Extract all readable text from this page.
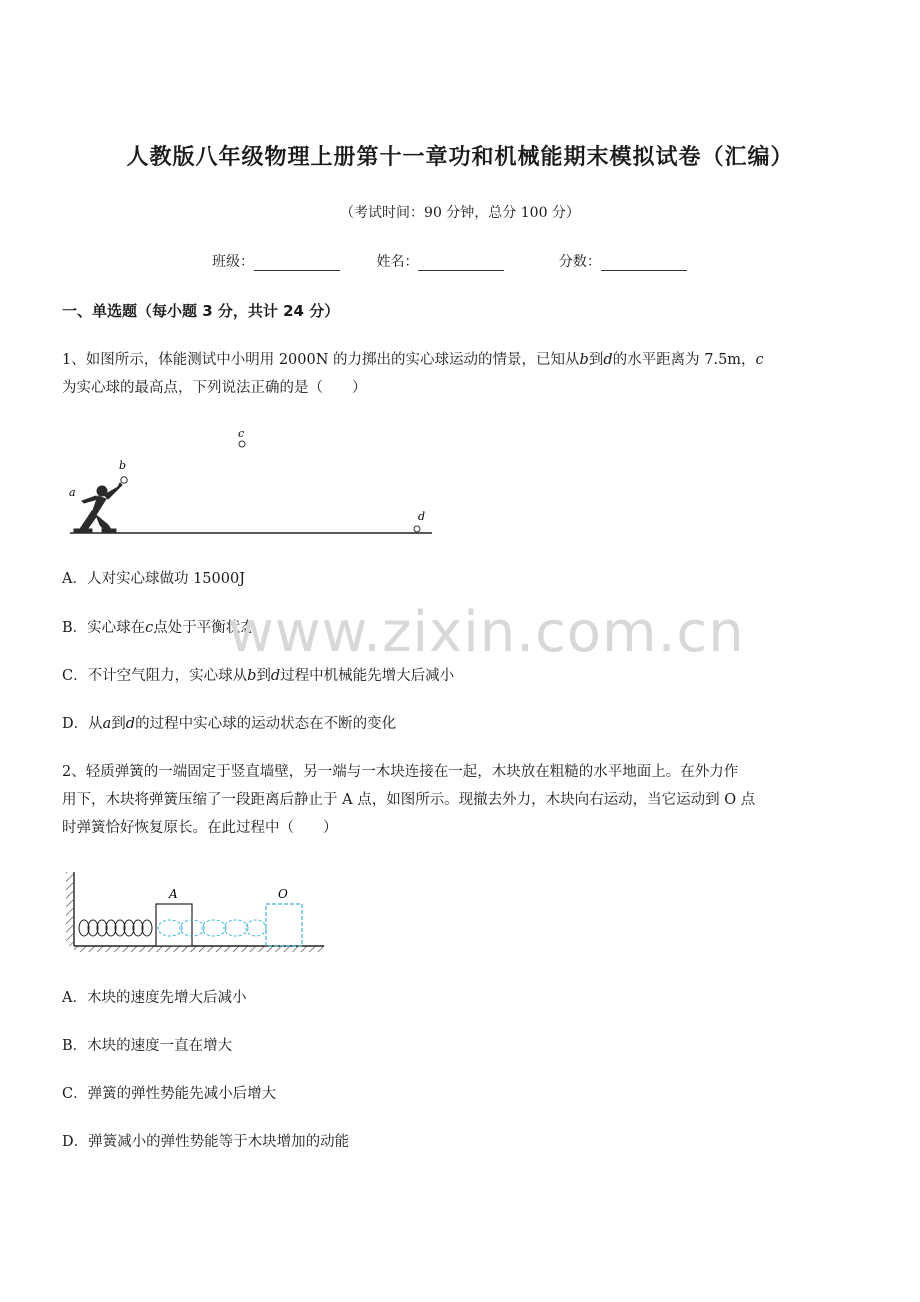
人教版八年级物理上册第十一章功和机械能期末模拟试卷（汇编）
（考试时间：90 分钟，总分 100 分）
班级：	姓名：	分数：
一、单选题（每小题 3 分，共计 24 分）
1、如图所示，体能测试中小明用 2000N 的力掷出的实心球运动的情景，已知从b到d的水平距离为 7.5m，c
为实心球的最高点，下列说法正确的是（　　）
a
b
c
d
A．人对实心球做功 15000J
B．实心球在c点处于平衡状态
C．不计空气阻力，实心球从b到d过程中机械能先增大后减小
D．从a到d的过程中实心球的运动状态在不断的变化
2、轻质弹簧的一端固定于竖直墙壁，另一端与一木块连接在一起，木块放在粗糙的水平地面上。在外力作
用下，木块将弹簧压缩了一段距离后静止于 A 点，如图所示。现撤去外力，木块向右运动，当它运动到 O 点
时弹簧恰好恢复原长。在此过程中（　　）
A	O
A．木块的速度先增大后减小
B．木块的速度一直在增大
C．弹簧的弹性势能先减小后增大
D．弹簧减小的弹性势能等于木块增加的动能
www.zixin.com.cn
